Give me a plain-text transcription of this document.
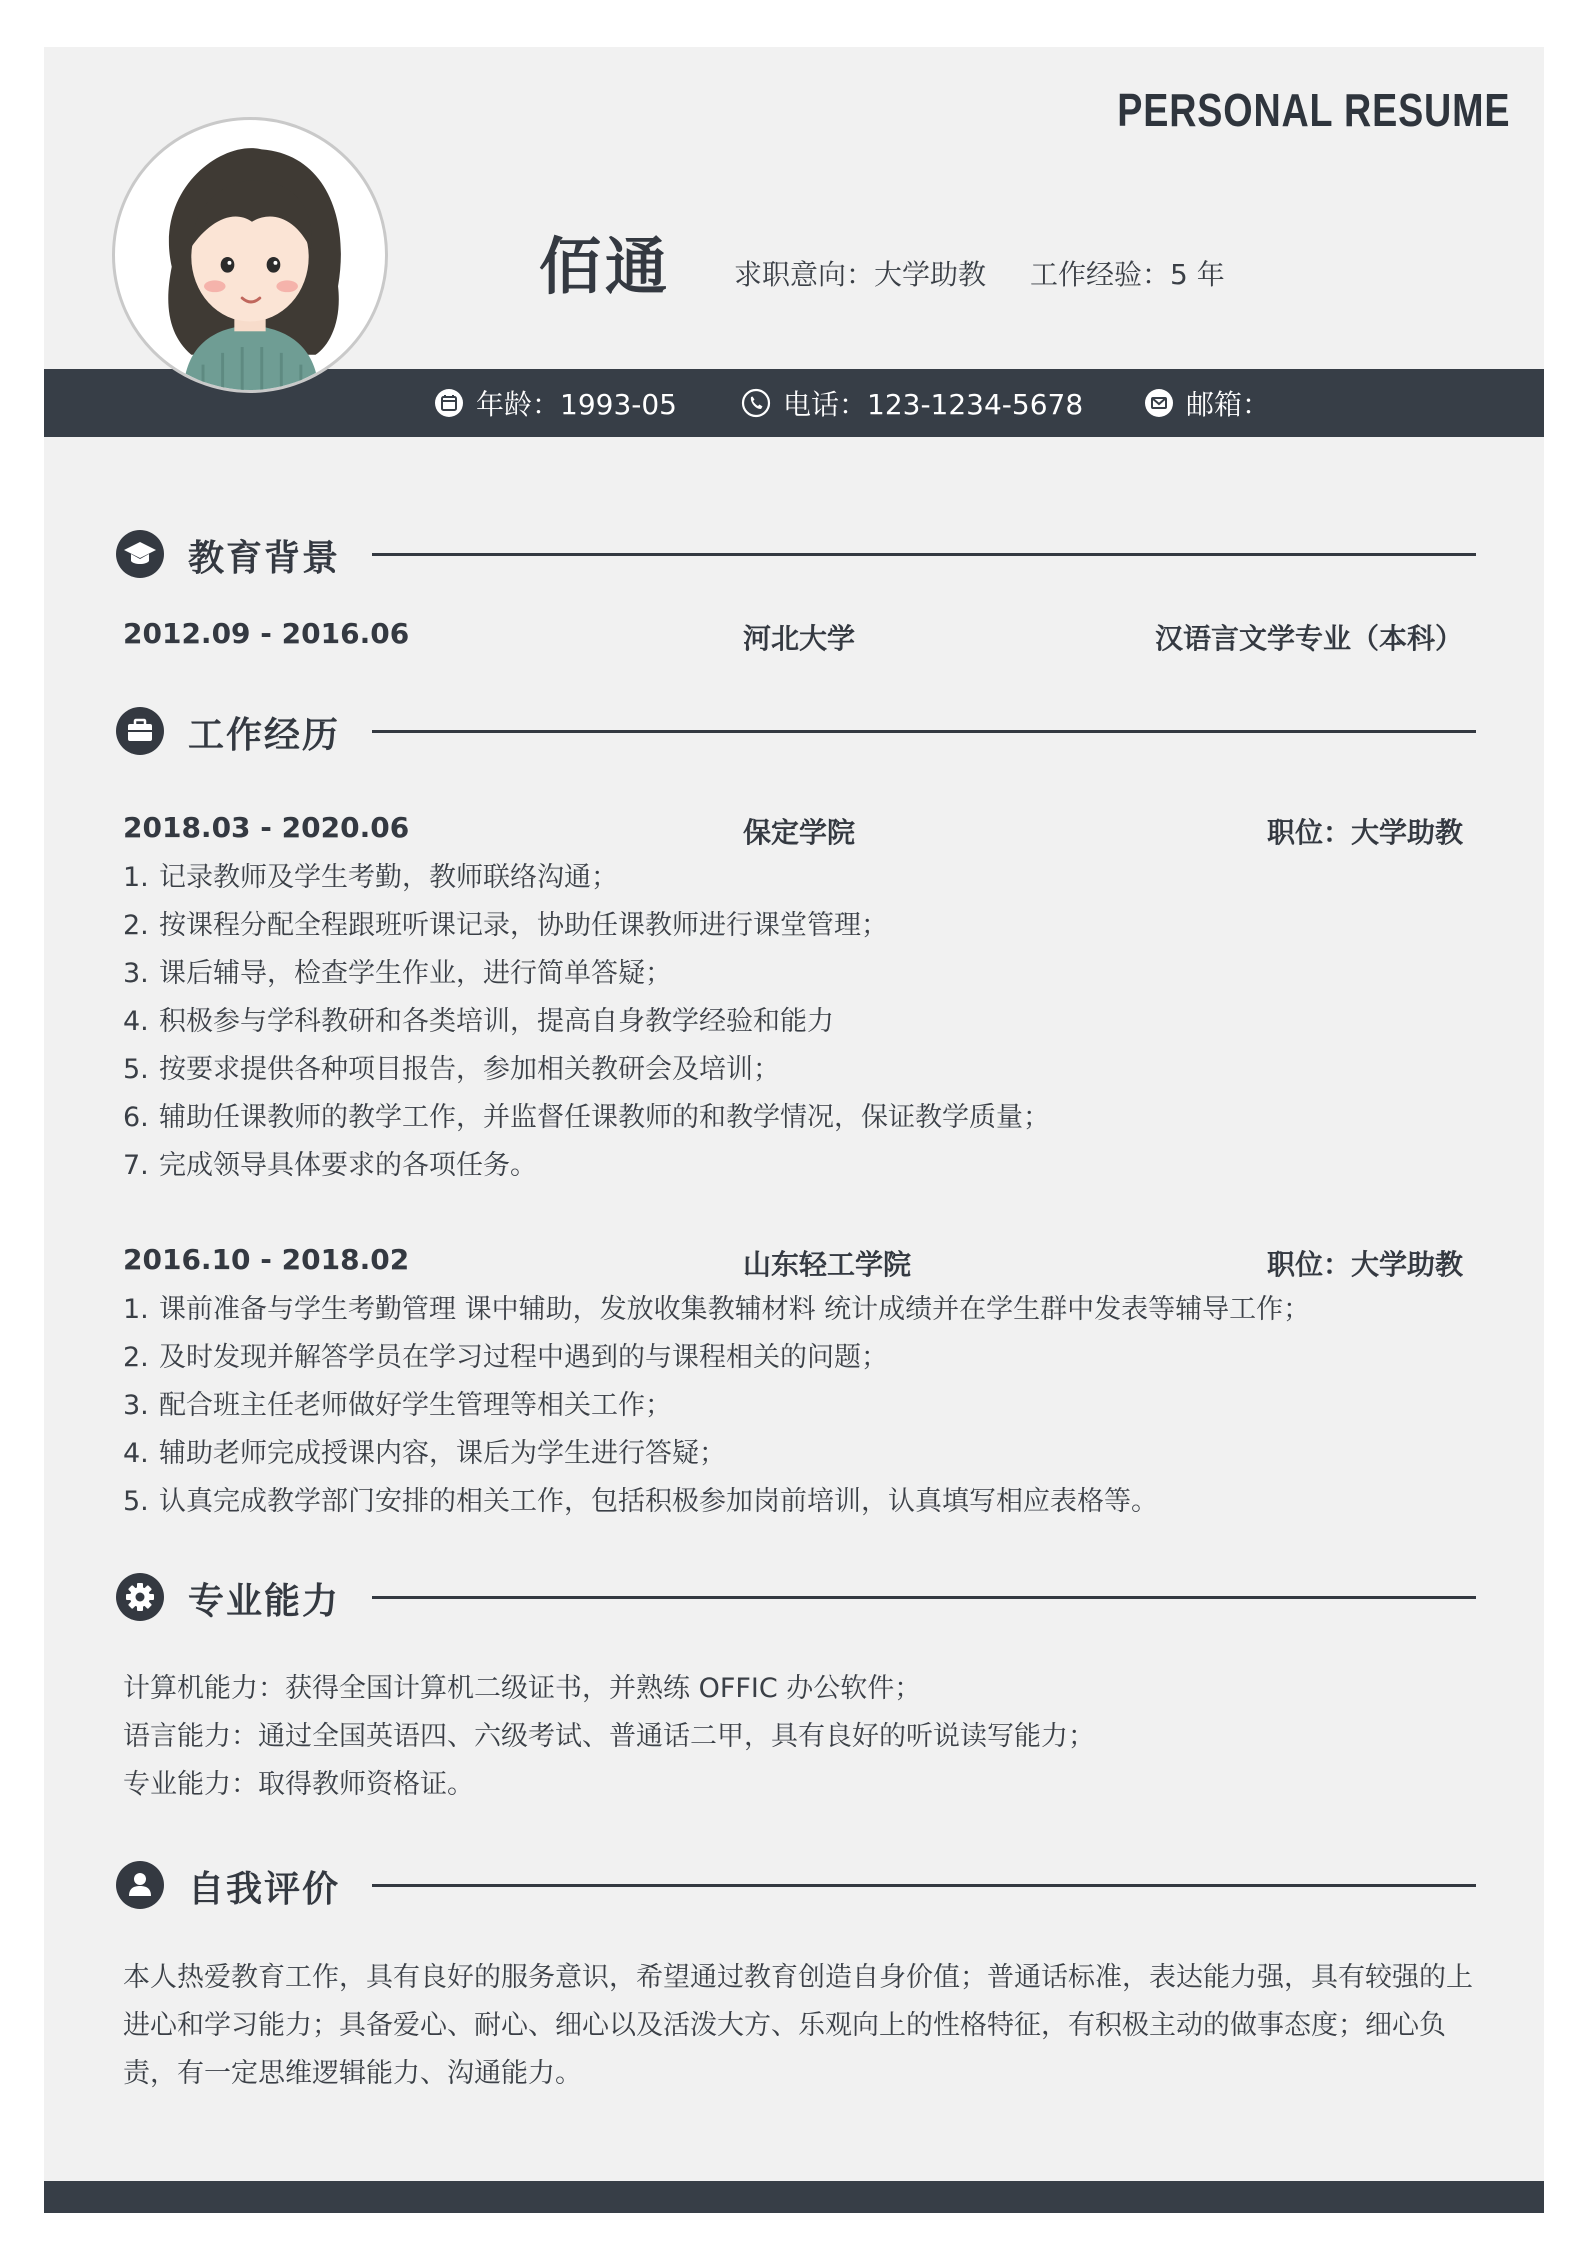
PERSONAL RESUME
佰通 求职意向：大学助教 工作经验：5 年
年龄：1993-05	电话：123-1234-5678	邮箱：
教育背景
2012.09 - 2016.06	河北大学	汉语言文学专业（本科）
工作经历
2018.03 - 2020.06	保定学院	职位：大学助教
1. 记录教师及学生考勤，教师联络沟通；
2. 按课程分配全程跟班听课记录，协助任课教师进行课堂管理；
3. 课后辅导，检查学生作业，进行简单答疑；
4. 积极参与学科教研和各类培训，提高自身教学经验和能力
5. 按要求提供各种项目报告，参加相关教研会及培训；
6. 辅助任课教师的教学工作，并监督任课教师的和教学情况，保证教学质量；
7. 完成领导具体要求的各项任务。
2016.10 - 2018.02	山东轻工学院	职位：大学助教
1. 课前准备与学生考勤管理 课中辅助，发放收集教辅材料 统计成绩并在学生群中发表等辅导工作；
2. 及时发现并解答学员在学习过程中遇到的与课程相关的问题；
3. 配合班主任老师做好学生管理等相关工作；
4. 辅助老师完成授课内容，课后为学生进行答疑；
5. 认真完成教学部门安排的相关工作，包括积极参加岗前培训，认真填写相应表格等。
专业能力
计算机能力：获得全国计算机二级证书，并熟练 OFFIC 办公软件；
语言能力：通过全国英语四、六级考试、普通话二甲，具有良好的听说读写能力；
专业能力：取得教师资格证。
自我评价

本人热爱教育工作，具有良好的服务意识，希望通过教育创造自身价值；普通话标准，表达能力强，具有较强的上进心和学习能力；具备爱心、耐心、细心以及活泼大方、乐观向上的性格特征，有积极主动的做事态度；细心负责，有一定思维逻辑能力、沟通能力。
